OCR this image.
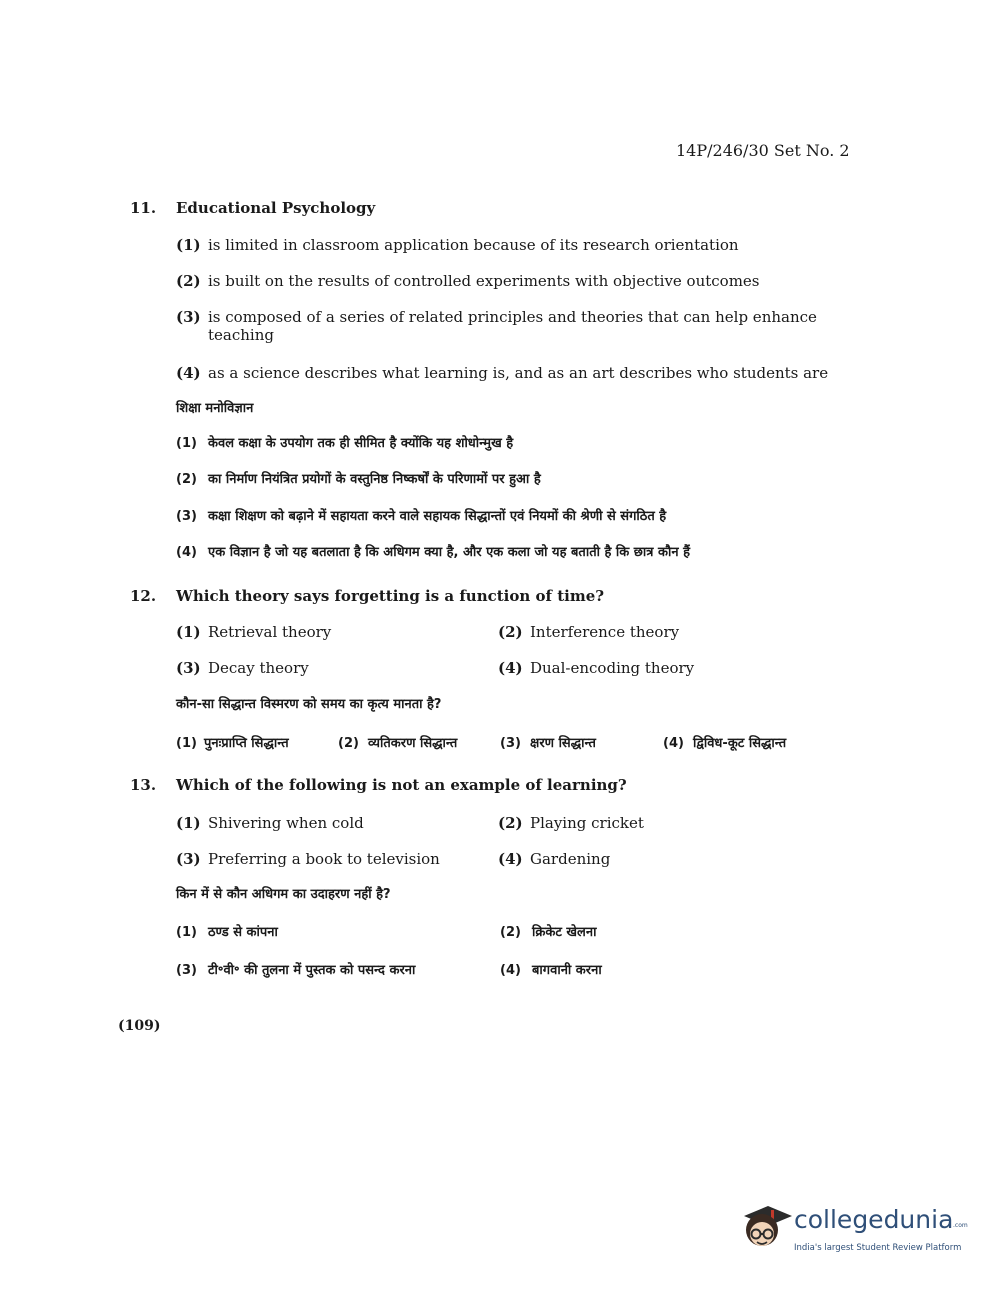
14P/246/30 Set No. 2
11. Educational Psychology
(1) is limited in classroom application because of its research orientation
(2) is built on the results of controlled experiments with objective outcomes
(3) is composed of a series of related principles and theories that can help enhance teaching
(4) as a science describes what learning is, and as an art describes who students are
शिक्षा मनोविज्ञान
(1) केवल कक्षा के उपयोग तक ही सीमित है क्योंकि यह शोधोन्मुख है
(2) का निर्माण नियंत्रित प्रयोगों के वस्तुनिष्ठ निष्कर्षों के परिणामों पर हुआ है
(3) कक्षा शिक्षण को बढ़ाने में सहायता करने वाले सहायक सिद्धान्तों एवं नियमों की श्रेणी से संगठित है
(4) एक विज्ञान है जो यह बतलाता है कि अधिगम क्या है, और एक कला जो यह बताती है कि छात्र कौन हैं
12. Which theory says forgetting is a function of time?
(1) Retrieval theory	(2) Interference theory
(3) Decay theory	(4) Dual-encoding theory
कौन-सा सिद्धान्त विस्मरण को समय का कृत्य मानता है?
(1) पुनःप्राप्ति सिद्धान्त	(2) व्यतिकरण सिद्धान्त	(3) क्षरण सिद्धान्त	(4) द्विविध-कूट सिद्धान्त
13. Which of the following is not an example of learning?
(1) Shivering when cold	(2) Playing cricket
(3) Preferring a book to television	(4) Gardening
किन में से कौन अधिगम का उदाहरण नहीं है?
(1) ठण्ड से कांपना	(2) क्रिकेट खेलना
(3) टी॰वी॰ की तुलना में पुस्तक को पसन्द करना	(4) बागवानी करना
(109)
collegedunia .com
India's largest Student Review Platform
